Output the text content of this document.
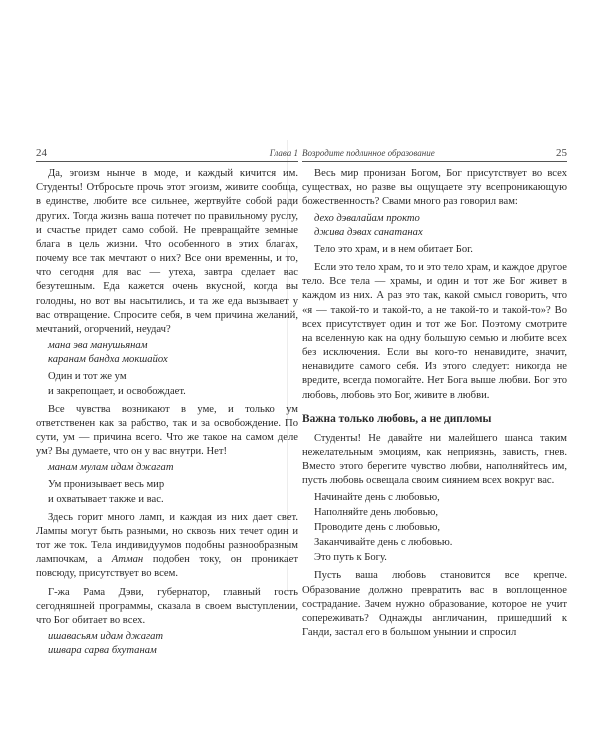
24	Глава 1

Да, эгоизм нынче в моде, и каждый кичится им. Студенты! Отбросьте прочь этот эгоизм, живите сообща, в единстве, любите все сильнее, жертвуйте собой ради других. Тогда жизнь ваша потечет по правильному руслу, и счастье придет само собой. Не превращайте земные блага в цель жизни. Что особенного в этих благах, почему все так мечтают о них? Все они временны, и то, что сегодня для вас — утеха, завтра сделает вас безутешным. Еда кажется очень вкусной, когда вы голодны, но вот вы насытились, и та же еда вызывает у вас отвращение. Спросите себя, в чем причина желаний, мечтаний, огорчений, неудач?

мана эва манушьянам
каранам бандха мокшайох
Один и тот же ум
и закрепощает, и освобождает.

Все чувства возникают в уме, и только ум ответственен как за рабство, так и за освобождение. По сути, ум — причина всего. Что же такое на самом деле ум? Вы думаете, что он у вас внутри. Нет!

манам мулам идам джагат
Ум пронизывает весь мир
и охватывает также и вас.

Здесь горит много ламп, и каждая из них дает свет. Лампы могут быть разными, но сквозь них течет один и тот же ток. Тела индивидуумов подобны разнообразным лампочкам, а Атман подобен току, он проникает повсюду, присутствует во всем.

Г-жа Рама Дэви, губернатор, главный гость сегодняшней программы, сказала в своем выступлении, что Бог обитает во всех.

ишавасьям идам джагат
ишвара сарва бхутанам
Возродите подлинное образование	25

Весь мир пронизан Богом, Бог присутствует во всех существах, но разве вы ощущаете эту всепроникающую божественность? Свами много раз говорил вам:

дехо дэвалайам прокто
джива дэвах санатанах
Тело это храм, и в нем обитает Бог.

Если это тело храм, то и это тело храм, и каждое другое тело. Все тела — храмы, и один и тот же Бог живет в каждом из них. А раз это так, какой смысл говорить, что «я — такой-то и такой-то, а не такой-то и такой-то»? Во всех присутствует один и тот же Бог. Поэтому смотрите на вселенную как на одну большую семью и любите всех без исключения. Если вы кого-то ненавидите, значит, ненавидите самого себя. Из этого следует: никогда не вредите, всегда помогайте. Нет Бога выше любви. Бог это любовь, любовь это Бог, живите в любви.

Важна только любовь, а не дипломы

Студенты! Не давайте ни малейшего шанса таким нежелательным эмоциям, как неприязнь, зависть, гнев. Вместо этого берегите чувство любви, наполняйтесь им, пусть любовь освещала своим сиянием всех вокруг вас.

Начинайте день с любовью,
Наполняйте день любовью,
Проводите день с любовью,
Заканчивайте день с любовью.
Это путь к Богу.

Пусть ваша любовь становится все крепче. Образование должно превратить вас в воплощенное сострадание. Зачем нужно образование, которое не учит сопереживать? Однажды англичанин, пришедший к Ганди, застал его в большом унынии и спросил
